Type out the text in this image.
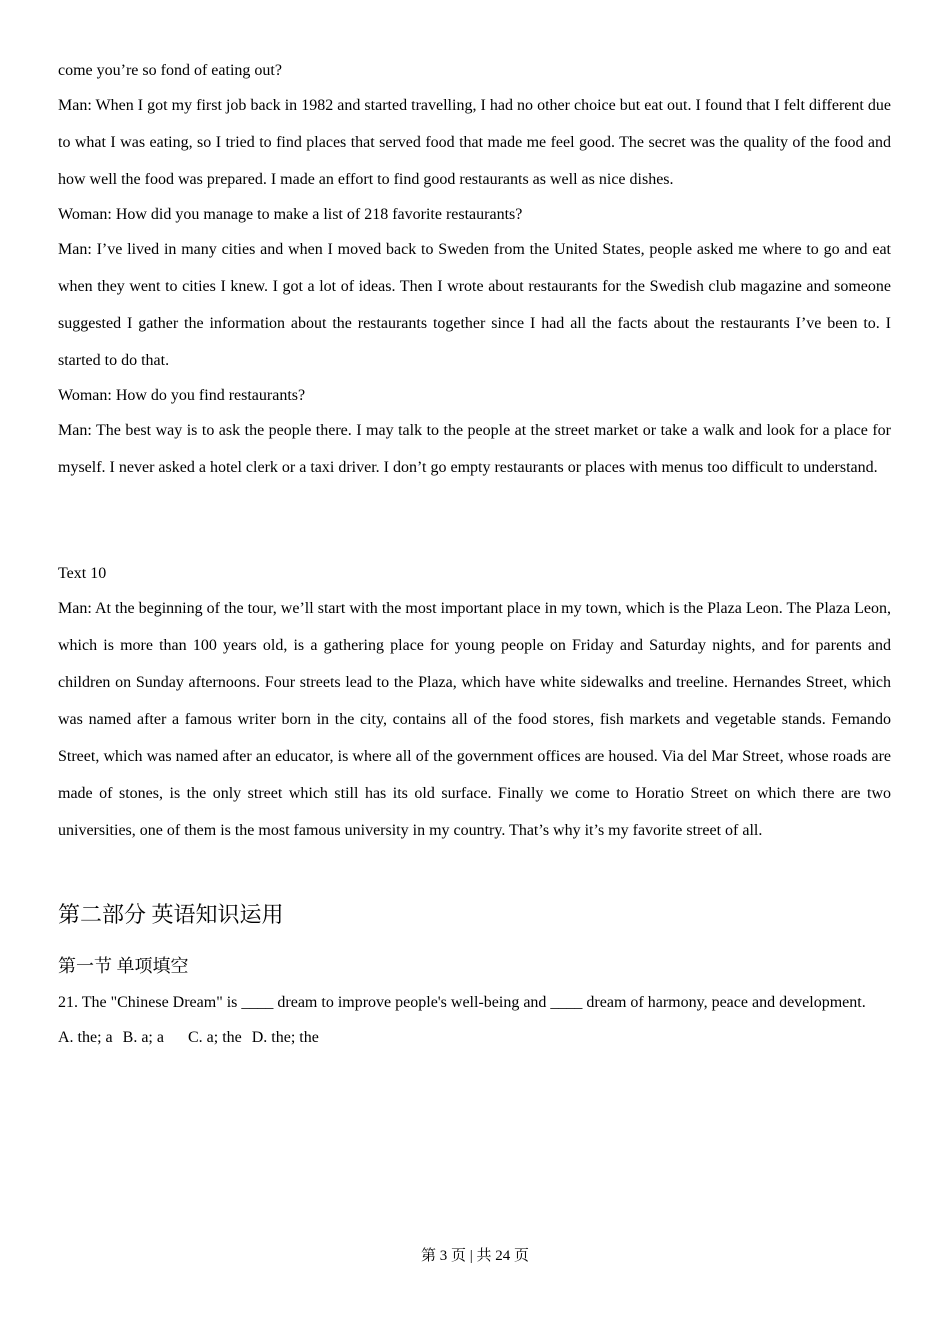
come you’re so fond of eating out?

Man: When I got my first job back in 1982 and started travelling, I had no other choice but eat out. I found that I felt different due to what I was eating, so I tried to find places that served food that made me feel good. The secret was the quality of the food and how well the food was prepared. I made an effort to find good restaurants as well as nice dishes.

Woman: How did you manage to make a list of 218 favorite restaurants?

Man: I’ve lived in many cities and when I moved back to Sweden from the United States, people asked me where to go and eat when they went to cities I knew. I got a lot of ideas. Then I wrote about restaurants for the Swedish club magazine and someone suggested I gather the information about the restaurants together since I had all the facts about the restaurants I’ve been to. I started to do that.

Woman: How do you find restaurants?

Man: The best way is to ask the people there. I may talk to the people at the street market or take a walk and look for a place for myself. I never asked a hotel clerk or a taxi driver. I don’t go empty restaurants or places with menus too difficult to understand.

Text 10

Man: At the beginning of the tour, we’ll start with the most important place in my town, which is the Plaza Leon. The Plaza Leon, which is more than 100 years old, is a gathering place for young people on Friday and Saturday nights, and for parents and children on Sunday afternoons. Four streets lead to the Plaza, which have white sidewalks and treeline. Hernandes Street, which was named after a famous writer born in the city, contains all of the food stores, fish markets and vegetable stands. Femando Street, which was named after an educator, is where all of the government offices are housed. Via del Mar Street, whose roads are made of stones, is the only street which still has its old surface. Finally we come to Horatio Street on which there are two universities, one of them is the most famous university in my country. That’s why it’s my favorite street of all.

第二部分 英语知识运用

第一节 单项填空

21. The "Chinese Dream" is ____ dream to improve people's well-being and ____ dream of harmony, peace and development.

A. the; a B. a; a C. a; the D. the; the

第 3 页 | 共 24 页
